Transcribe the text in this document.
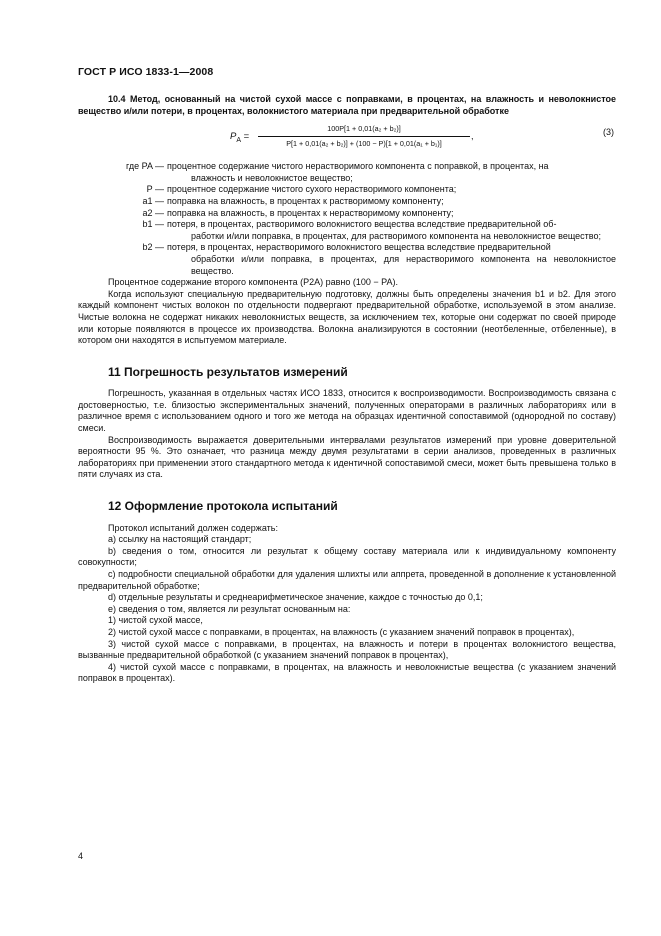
ГОСТ Р ИСО 1833-1—2008

10.4 Метод, основанный на чистой сухой массе с поправками, в процентах, на влажность и неволокнистое вещество и/или потери, в процентах, волокнистого материала при предварительной обработке

$P_A = \frac{\text{100P[1 + 0,01(a₂ + b₂)]}}{\text{P[1 + 0,01(a₂ + b₂)] + (100 − P)[1 + 0,01(a₁ + b₁)]}}$ ,	(3)
где PA — процентное содержание чистого нерастворимого компонента с поправкой, в процентах, на
влажность и неволокнистое вещество;
P — процентное содержание чистого сухого нерастворимого компонента;
a1 — поправка на влажность, в процентах к растворимому компоненту;
a2 — поправка на влажность, в процентах к нерастворимому компоненту;
b1 — потеря, в процентах, растворимого волокнистого вещества вследствие предварительной об-
работки и/или поправка, в процентах, для растворимого компонента на неволокнистое вещество;
b2 — потеря, в процентах, нерастворимого волокнистого вещества вследствие предварительной
обработки и/или поправка, в процентах, для нерастворимого компонента на неволокнистое вещество.

Процентное содержание второго компонента (P2A) равно (100 − PA).

Когда используют специальную предварительную подготовку, должны быть определены значения b1 и b2. Для этого каждый компонент чистых волокон по отдельности подвергают предварительной обработке, используемой в этом анализе. Чистые волокна не содержат никаких неволокнистых веществ, за исключением тех, которые они содержат по своей природе или которые появляются в процессе их производства. Волокна анализируются в состоянии (неотбеленные, отбеленные), в котором они находятся в испытуемом материале.

11 Погрешность результатов измерений

Погрешность, указанная в отдельных частях ИСО 1833, относится к воспроизводимости. Воспроизводимость связана с достоверностью, т.е. близостью экспериментальных значений, полученных операторами в различных лабораториях или в различное время с использованием одного и того же метода на образцах идентичной сопоставимой (однородной по составу) смеси.

Воспроизводимость выражается доверительными интервалами результатов измерений при уровне доверительной вероятности 95 %. Это означает, что разница между двумя результатами в серии анализов, проведенных в различных лабораториях при применении этого стандартного метода к идентичной сопоставимой смеси, может быть превышена только в пяти случаях из ста.

12 Оформление протокола испытаний

Протокол испытаний должен содержать:

a) ссылку на настоящий стандарт;

b) сведения о том, относится ли результат к общему составу материала или к индивидуальному компоненту совокупности;

c) подробности специальной обработки для удаления шлихты или аппрета, проведенной в дополнение к установленной предварительной обработке;

d) отдельные результаты и среднеарифметическое значение, каждое с точностью до 0,1;

e) сведения о том, является ли результат основанным на:

1) чистой сухой массе,

2) чистой сухой массе с поправками, в процентах, на влажность (с указанием значений поправок в процентах),

3) чистой сухой массе с поправками, в процентах, на влажность и потери в процентах волокнистого вещества, вызванные предварительной обработкой (с указанием значений поправок в процентах),

4) чистой сухой массе с поправками, в процентах, на влажность и неволокнистые вещества (с указанием значений поправок в процентах).

4
